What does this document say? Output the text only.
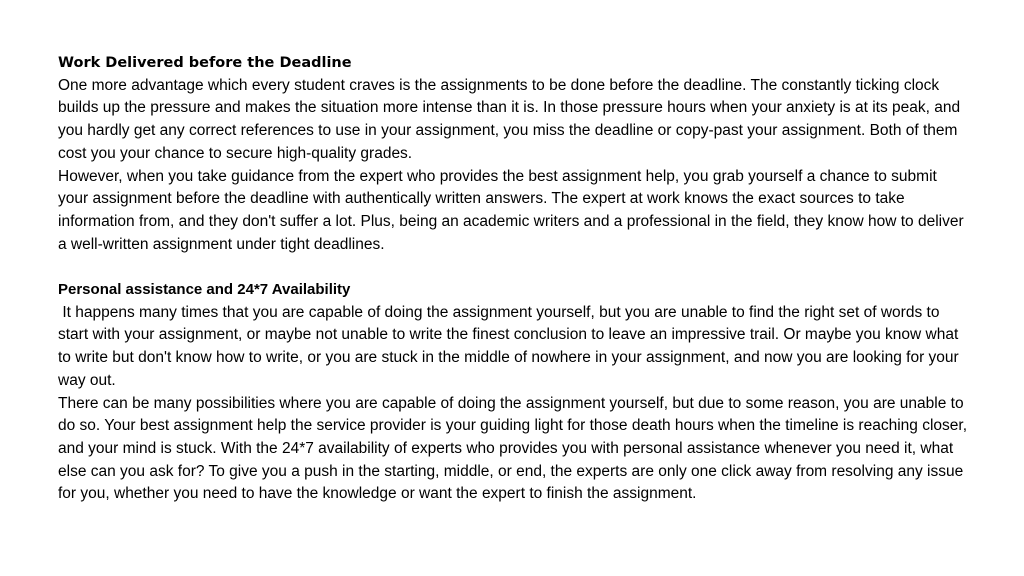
Work Delivered before the Deadline

One more advantage which every student craves is the assignments to be done before the deadline. The constantly ticking clock builds up the pressure and makes the situation more intense than it is. In those pressure hours when your anxiety is at its peak, and you hardly get any correct references to use in your assignment, you miss the deadline or copy-past your assignment. Both of them cost you your chance to secure high-quality grades.

However, when you take guidance from the expert who provides the best assignment help, you grab yourself a chance to submit your assignment before the deadline with authentically written answers. The expert at work knows the exact sources to take information from, and they don't suffer a lot. Plus, being an academic writers and a professional in the field, they know how to deliver a well-written assignment under tight deadlines.

Personal assistance and 24*7 Availability

It happens many times that you are capable of doing the assignment yourself, but you are unable to find the right set of words to start with your assignment, or maybe not unable to write the finest conclusion to leave an impressive trail. Or maybe you know what to write but don't know how to write, or you are stuck in the middle of nowhere in your assignment, and now you are looking for your way out.

There can be many possibilities where you are capable of doing the assignment yourself, but due to some reason, you are unable to do so. Your best assignment help the service provider is your guiding light for those death hours when the timeline is reaching closer, and your mind is stuck. With the 24*7 availability of experts who provides you with personal assistance whenever you need it, what else can you ask for? To give you a push in the starting, middle, or end, the experts are only one click away from resolving any issue for you, whether you need to have the knowledge or want the expert to finish the assignment.
